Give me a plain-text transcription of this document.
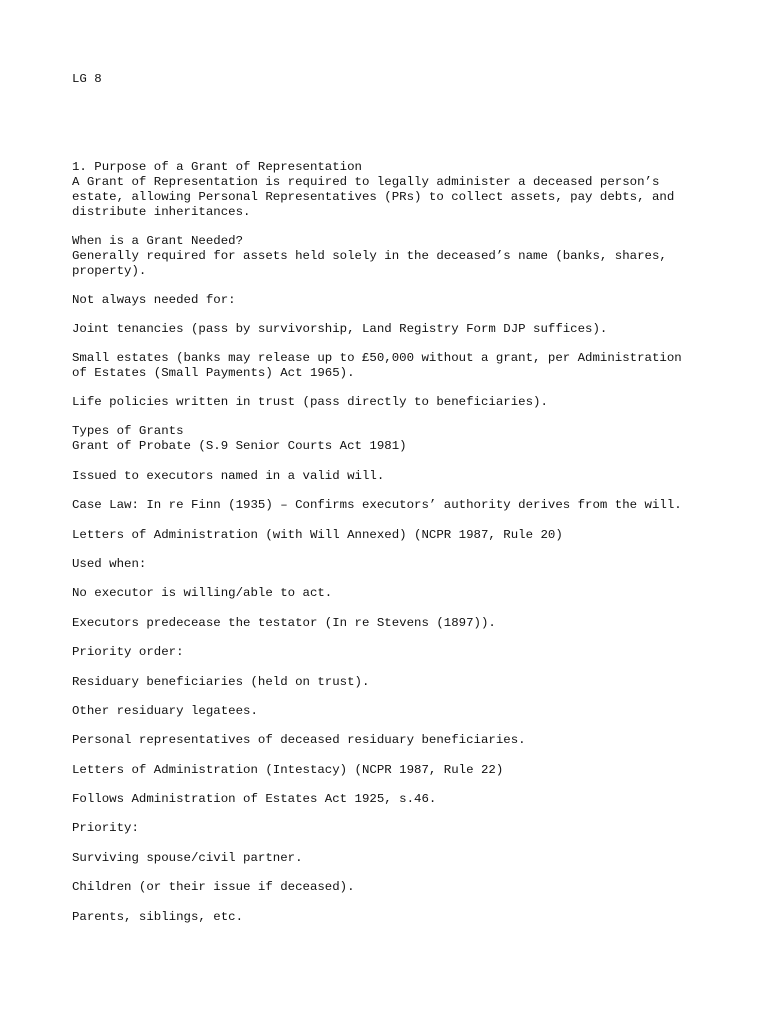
LG 8

1. Purpose of a Grant of Representation

A Grant of Representation is required to legally administer a deceased person’s

estate, allowing Personal Representatives (PRs) to collect assets, pay debts, and

distribute inheritances.

When is a Grant Needed?

Generally required for assets held solely in the deceased’s name (banks, shares,

property).

Not always needed for:

Joint tenancies (pass by survivorship, Land Registry Form DJP suffices).

Small estates (banks may release up to £50,000 without a grant, per Administration

of Estates (Small Payments) Act 1965).

Life policies written in trust (pass directly to beneficiaries).

Types of Grants

Grant of Probate (S.9 Senior Courts Act 1981)

Issued to executors named in a valid will.

Case Law: In re Finn (1935) – Confirms executors’ authority derives from the will.

Letters of Administration (with Will Annexed) (NCPR 1987, Rule 20)

Used when:

No executor is willing/able to act.

Executors predecease the testator (In re Stevens (1897)).

Priority order:

Residuary beneficiaries (held on trust).

Other residuary legatees.

Personal representatives of deceased residuary beneficiaries.

Letters of Administration (Intestacy) (NCPR 1987, Rule 22)

Follows Administration of Estates Act 1925, s.46.

Priority:

Surviving spouse/civil partner.

Children (or their issue if deceased).

Parents, siblings, etc.
